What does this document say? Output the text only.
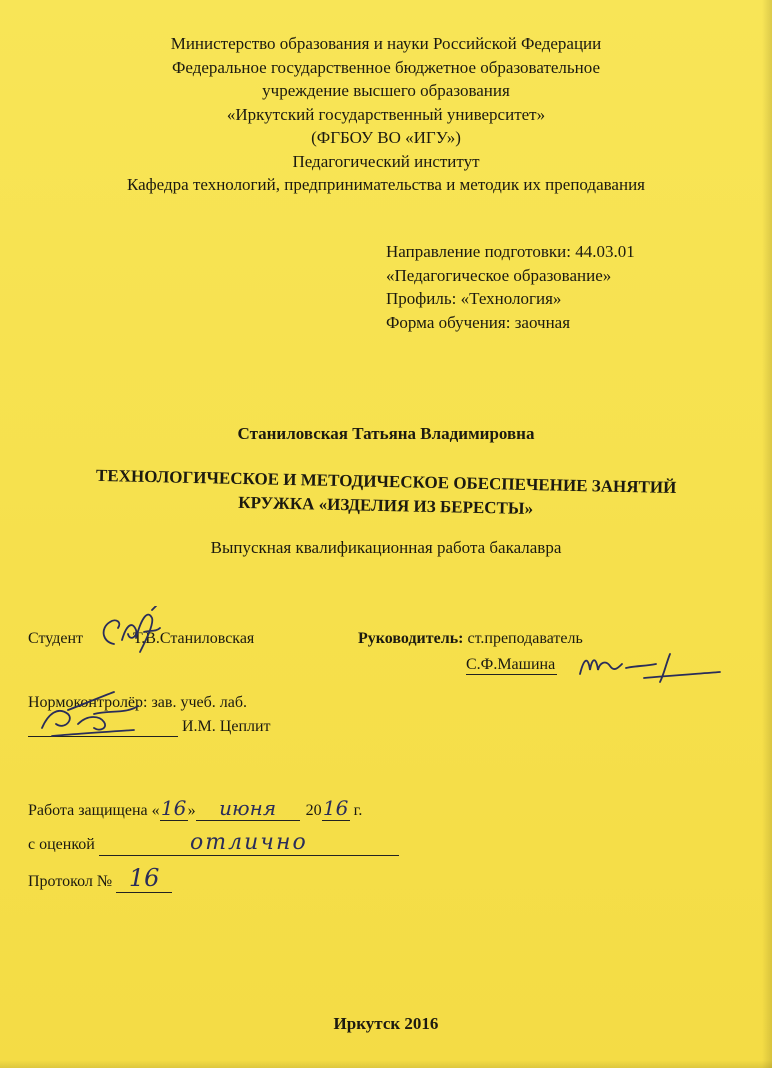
Министерство образования и науки Российской Федерации
Федеральное государственное бюджетное образовательное
учреждение высшего образования
«Иркутский государственный университет»
(ФГБОУ ВО «ИГУ»)
Педагогический институт
Кафедра технологий, предпринимательства и методик их преподавания
Направление подготовки: 44.03.01
«Педагогическое образование»
Профиль: «Технология»
Форма обучения: заочная
Станиловская Татьяна Владимировна
ТЕХНОЛОГИЧЕСКОЕ И МЕТОДИЧЕСКОЕ ОБЕСПЕЧЕНИЕ ЗАНЯТИЙ
КРУЖКА «ИЗДЕЛИЯ ИЗ БЕРЕСТЫ»
Выпускная квалификационная работа бакалавра
Студент	Т.В.Станиловская	Руководитель: ст.преподаватель
С.Ф.Машина
Нормоконтролёр: зав. учеб. лаб.
И.М. Цеплит
Работа защищена «16» июня 2016 г.
с оценкой	отлично
Протокол № 16
Иркутск 2016
